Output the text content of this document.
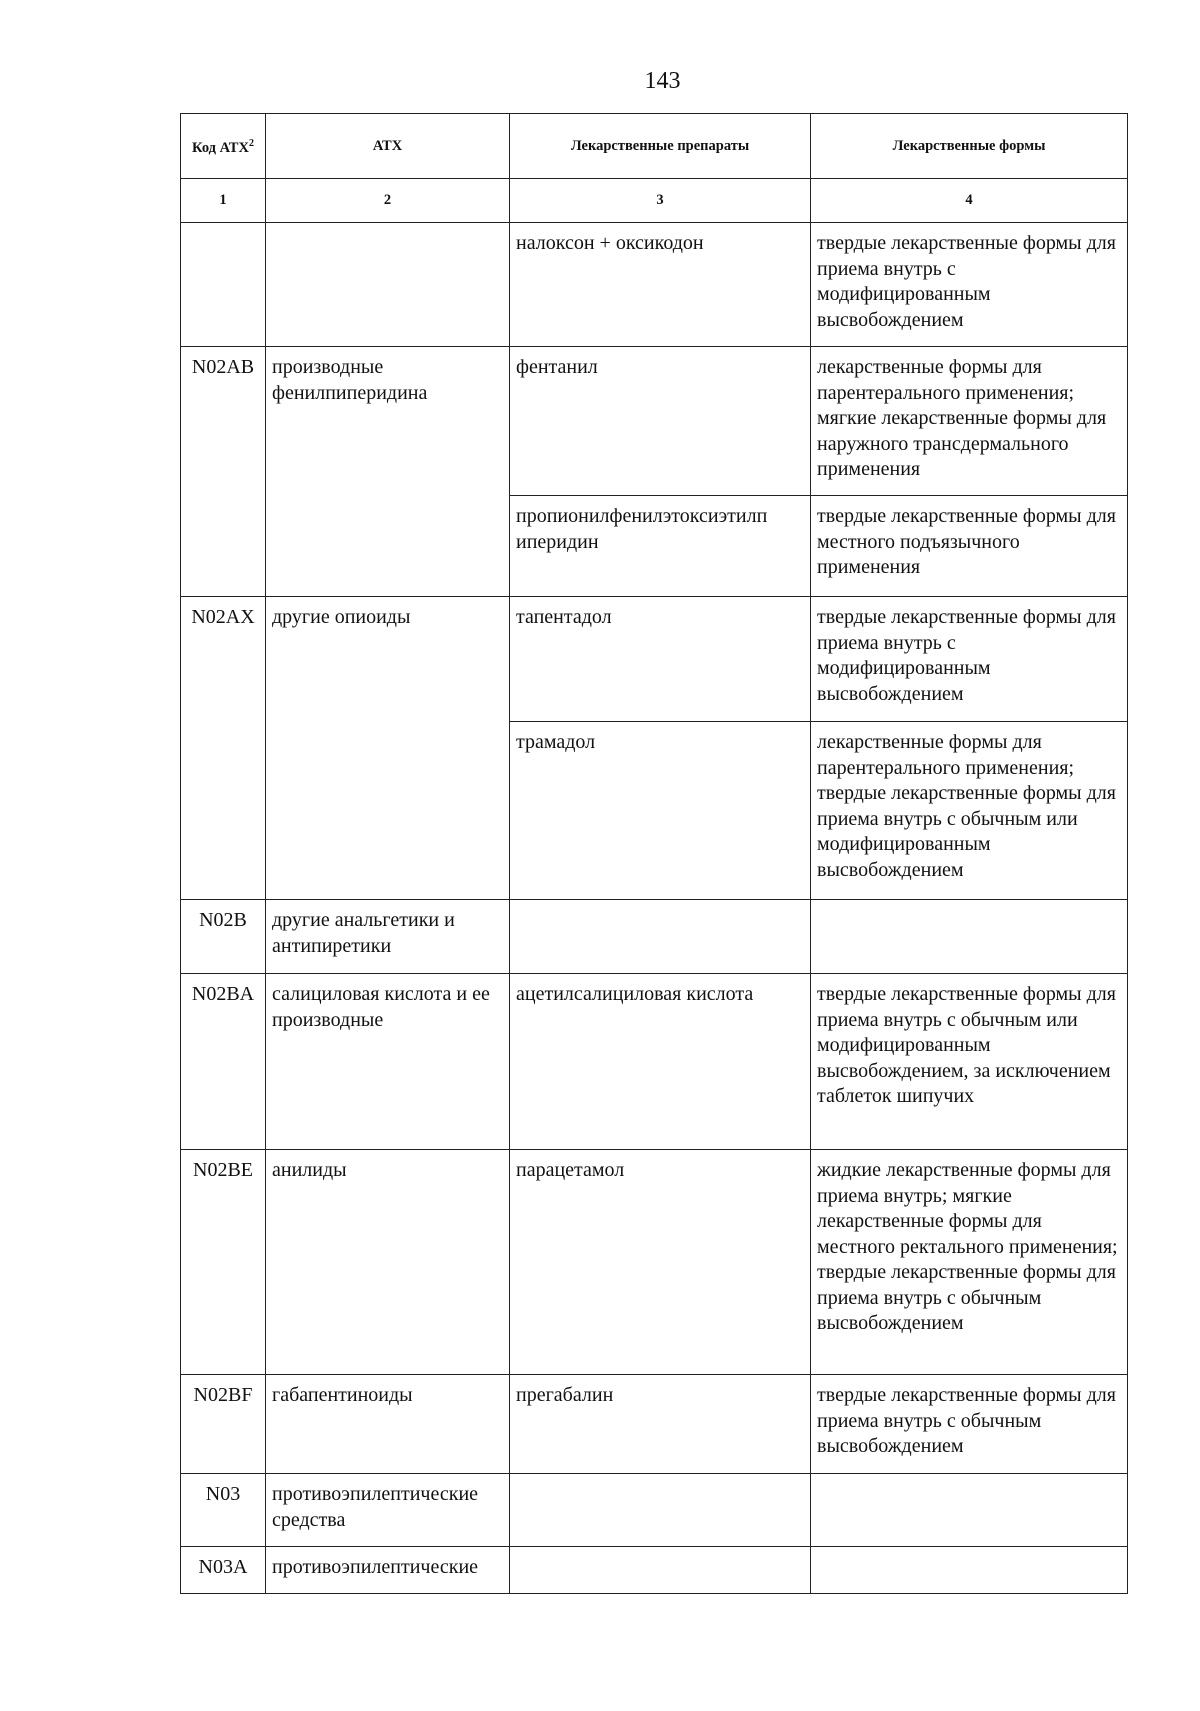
143
Код АТХ$^2$	АТХ	Лекарственные препараты	Лекарственные формы
1	2	3	4
		налоксон + оксикодон	твердые лекарственные формы для приема внутрь с модифицированным высвобождением
N02AB	производные фенилпиперидина	фентанил	лекарственные формы для парентерального применения; мягкие лекарственные формы для наружного трансдермального применения
		пропионилфенилэтоксиэтилп иперидин	твердые лекарственные формы для местного подъязычного применения
N02AX	другие опиоиды	тапентадол	твердые лекарственные формы для приема внутрь с модифицированным высвобождением
		трамадол	лекарственные формы для парентерального применения; твердые лекарственные формы для приема внутрь с обычным или модифицированным высвобождением
N02B	другие анальгетики и антипиретики		
N02BA	салициловая кислота и ее производные	ацетилсалициловая кислота	твердые лекарственные формы для приема внутрь с обычным или модифицированным высвобождением, за исключением таблеток шипучих
N02BE	анилиды	парацетамол	жидкие лекарственные формы для приема внутрь; мягкие лекарственные формы для местного ректального применения; твердые лекарственные формы для приема внутрь с обычным высвобождением
N02BF	габапентиноиды	прегабалин	твердые лекарственные формы для приема внутрь с обычным высвобождением
N03	противоэпилептические средства		
N03A	противоэпилептические		
